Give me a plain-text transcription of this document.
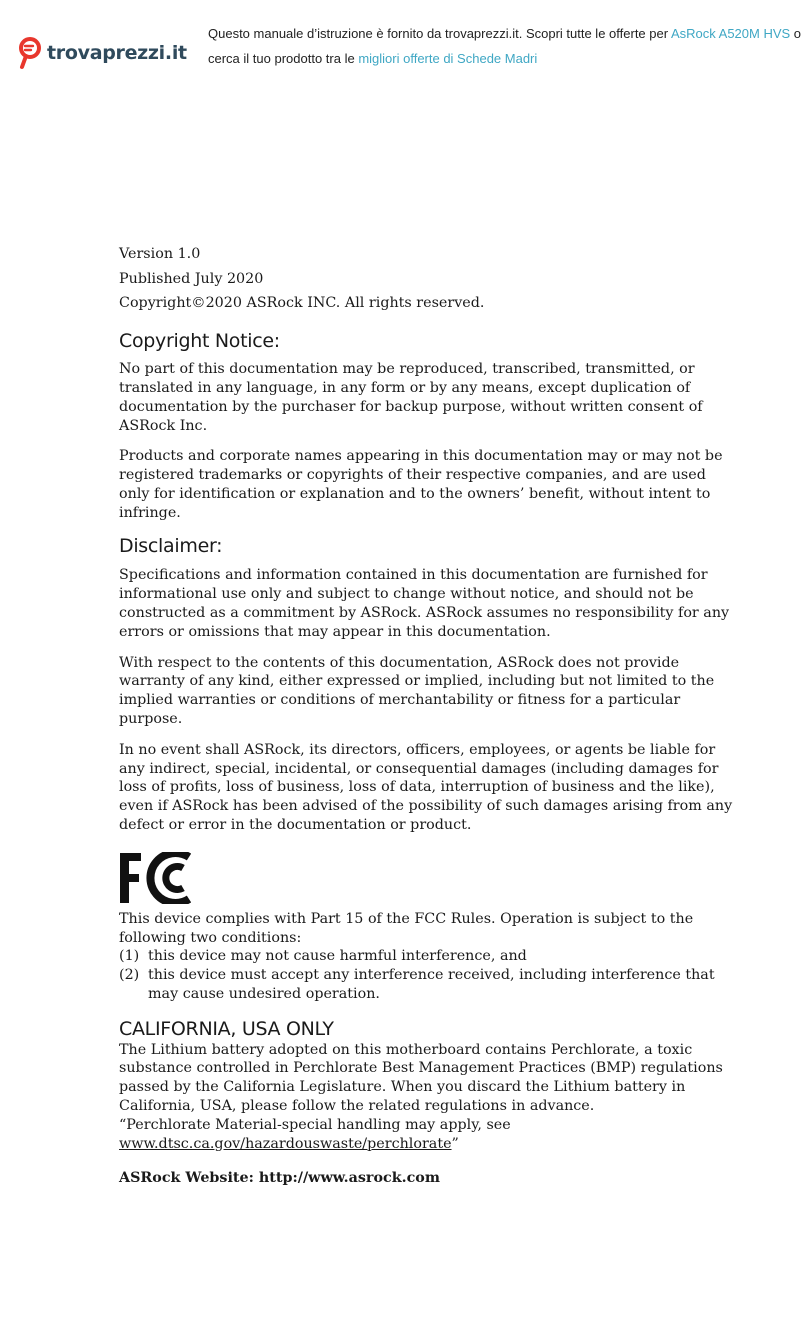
trovaprezzi.it
Questo manuale d’istruzione è fornito da trovaprezzi.it. Scopri tutte le offerte per AsRock A520M HVS o
cerca il tuo prodotto tra le migliori offerte di Schede Madri

Version 1.0

Published July 2020

Copyright©2020 ASRock INC. All rights reserved.

Copyright Notice:

No part of this documentation may be reproduced, transcribed, transmitted, or translated in any language, in any form or by any means, except duplication of documentation by the purchaser for backup purpose, without written consent of ASRock Inc.

Products and corporate names appearing in this documentation may or may not be registered trademarks or copyrights of their respective companies, and are used only for identification or explanation and to the owners’ benefit, without intent to infringe.

Disclaimer:

Specifications and information contained in this documentation are furnished for informational use only and subject to change without notice, and should not be constructed as a commitment by ASRock. ASRock assumes no responsibility for any errors or omissions that may appear in this documentation.

With respect to the contents of this documentation, ASRock does not provide warranty of any kind, either expressed or implied, including but not limited to the implied warranties or conditions of merchantability or fitness for a particular purpose.

In no event shall ASRock, its directors, officers, employees, or agents be liable for any indirect, special, incidental, or consequential damages (including damages for loss of profits, loss of business, loss of data, interruption of business and the like), even if ASRock has been advised of the possibility of such damages arising from any defect or error in the documentation or product.

This device complies with Part 15 of the FCC Rules. Operation is subject to the following two conditions:

(1) this device may not cause harmful interference, and
(2) this device must accept any interference received, including interference that may cause undesired operation.
CALIFORNIA, USA ONLY

The Lithium battery adopted on this motherboard contains Perchlorate, a toxic substance controlled in Perchlorate Best Management Practices (BMP) regulations passed by the California Legislature. When you discard the Lithium battery in California, USA, please follow the related regulations in advance.

“Perchlorate Material-special handling may apply, see www.dtsc.ca.gov/hazardouswaste/perchlorate”

ASRock Website: http://www.asrock.com
